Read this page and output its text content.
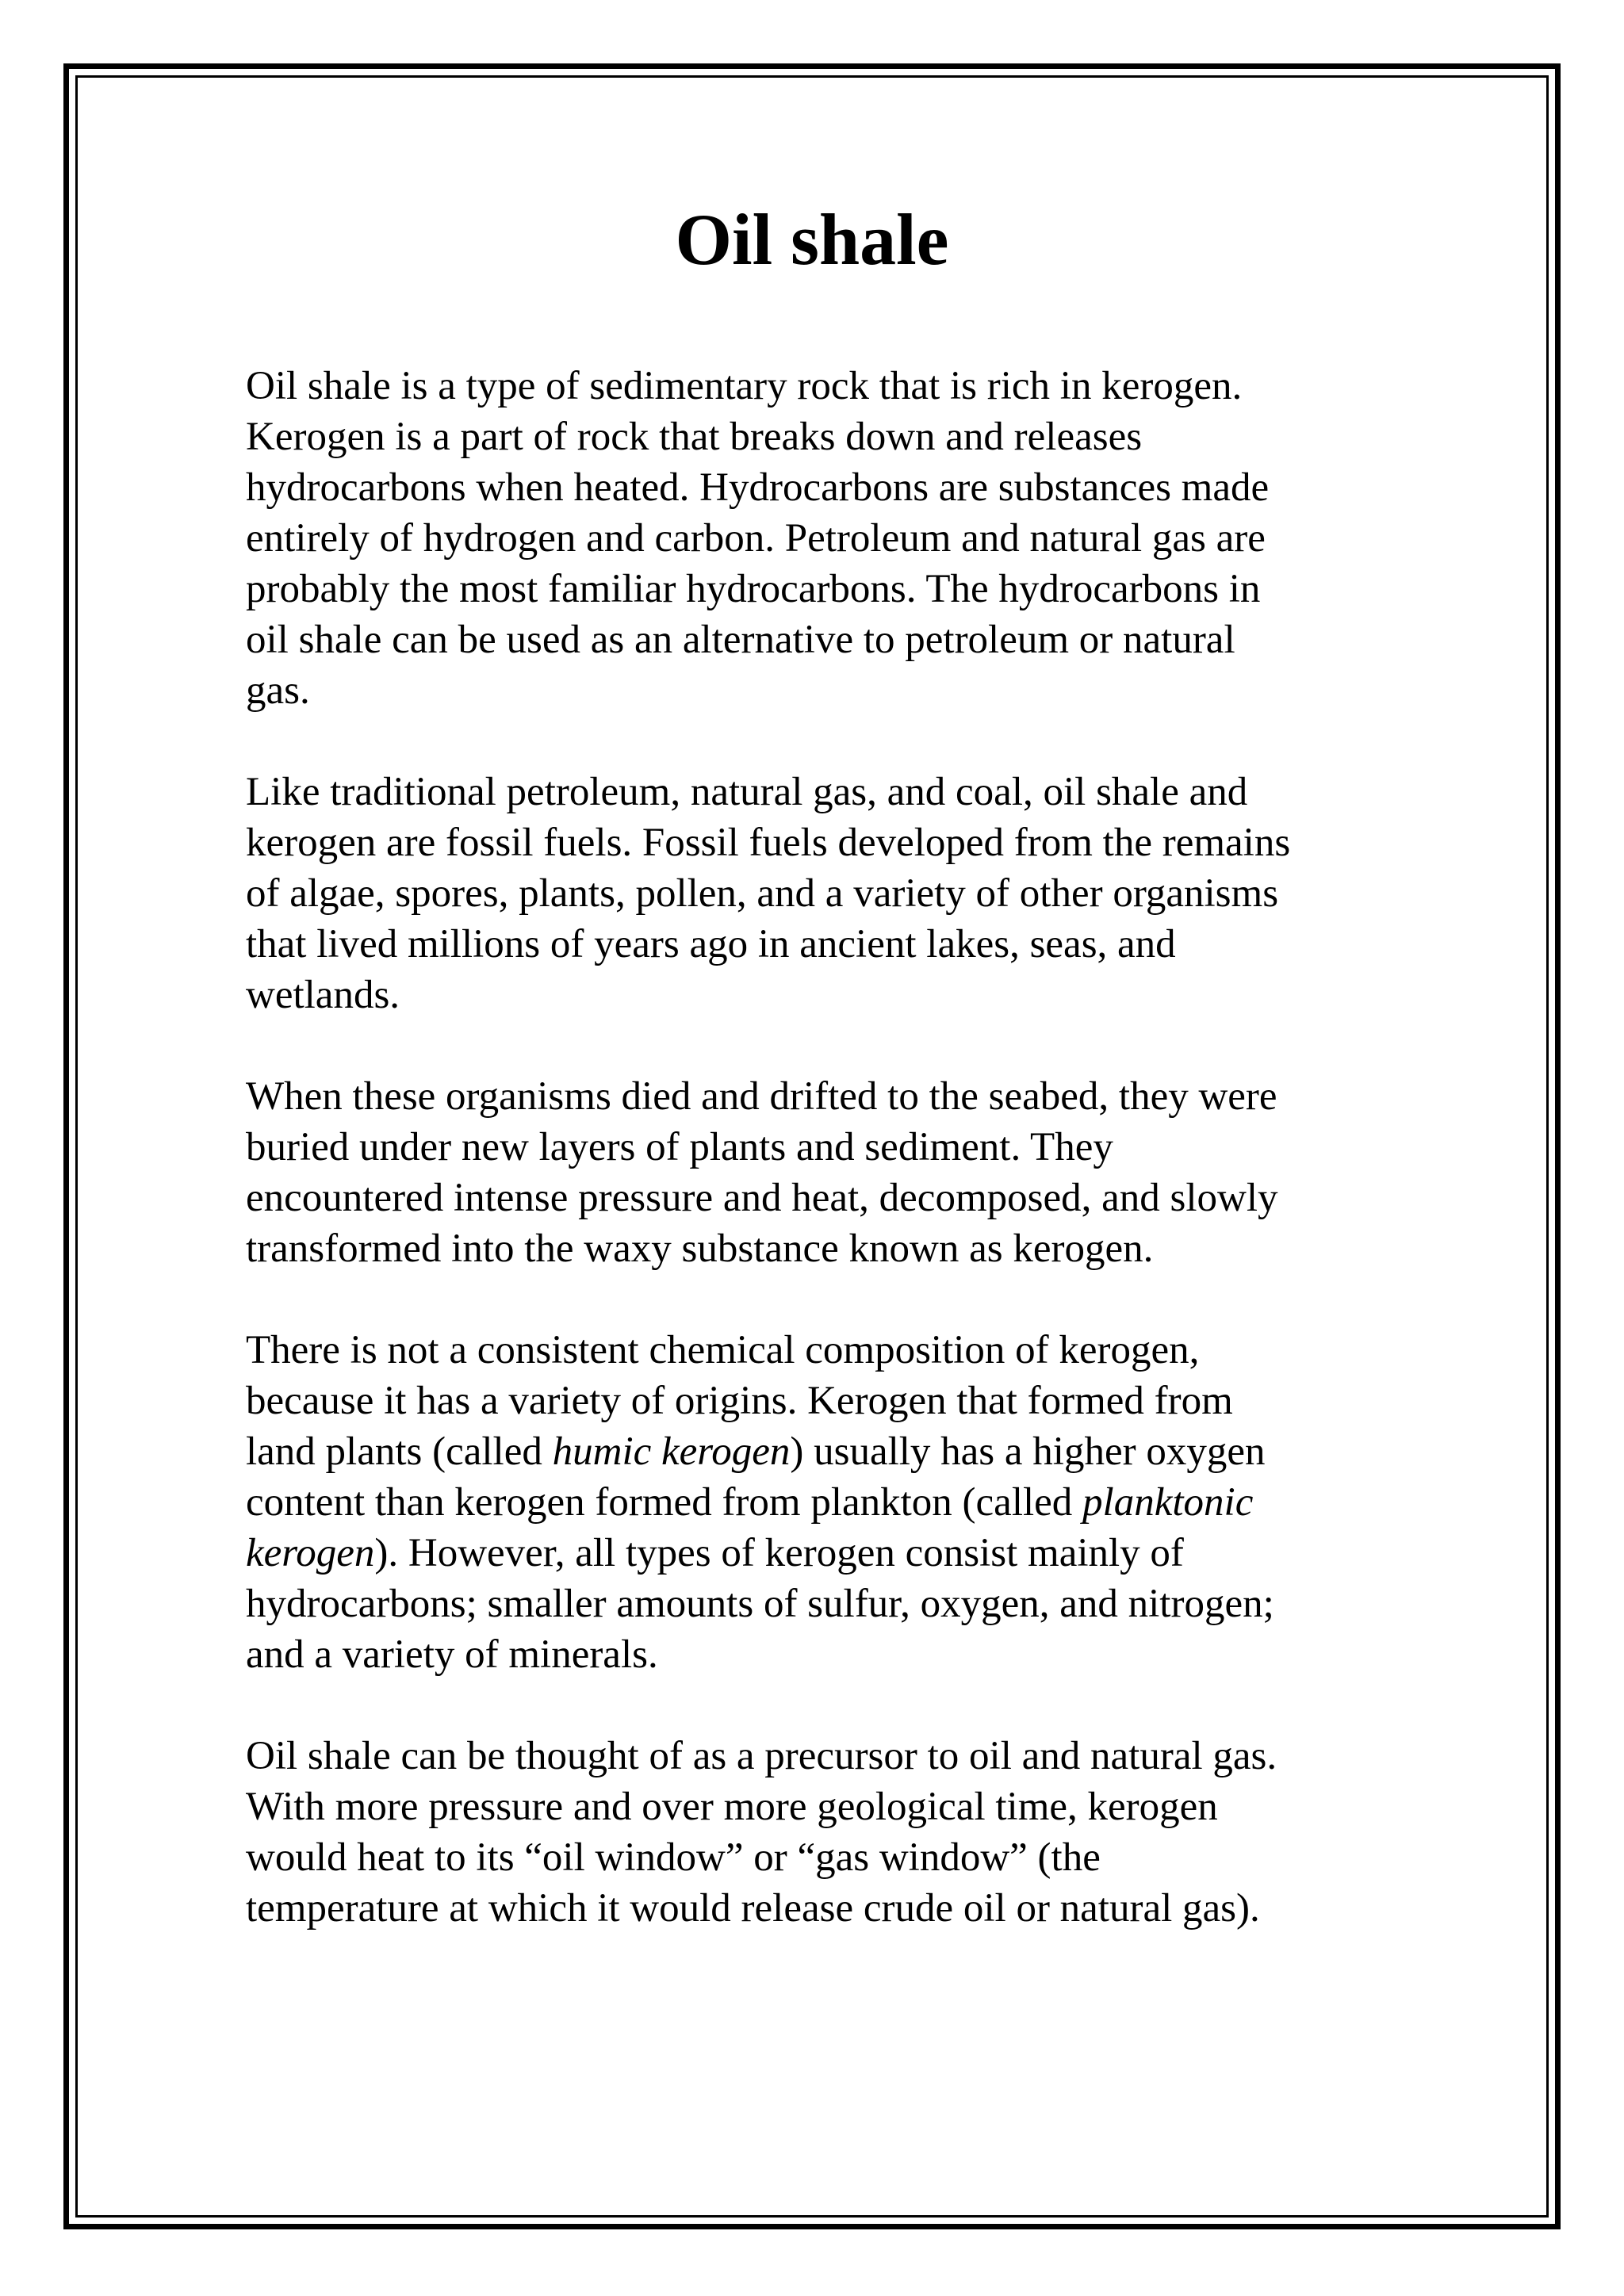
Oil shale

Oil shale is a type of sedimentary rock that is rich in kerogen.
Kerogen is a part of rock that breaks down and releases
hydrocarbons when heated. Hydrocarbons are substances made
entirely of hydrogen and carbon. Petroleum and natural gas are
probably the most familiar hydrocarbons. The hydrocarbons in
oil shale can be used as an alternative to petroleum or natural
gas.

Like traditional petroleum, natural gas, and coal, oil shale and
kerogen are fossil fuels. Fossil fuels developed from the remains
of algae, spores, plants, pollen, and a variety of other organisms
that lived millions of years ago in ancient lakes, seas, and
wetlands.

When these organisms died and drifted to the seabed, they were
buried under new layers of plants and sediment. They
encountered intense pressure and heat, decomposed, and slowly
transformed into the waxy substance known as kerogen.

There is not a consistent chemical composition of kerogen,
because it has a variety of origins. Kerogen that formed from
land plants (called humic kerogen) usually has a higher oxygen
content than kerogen formed from plankton (called planktonic
kerogen). However, all types of kerogen consist mainly of
hydrocarbons; smaller amounts of sulfur, oxygen, and nitrogen;
and a variety of minerals.

Oil shale can be thought of as a precursor to oil and natural gas.
With more pressure and over more geological time, kerogen
would heat to its “oil window” or “gas window” (the
temperature at which it would release crude oil or natural gas).
